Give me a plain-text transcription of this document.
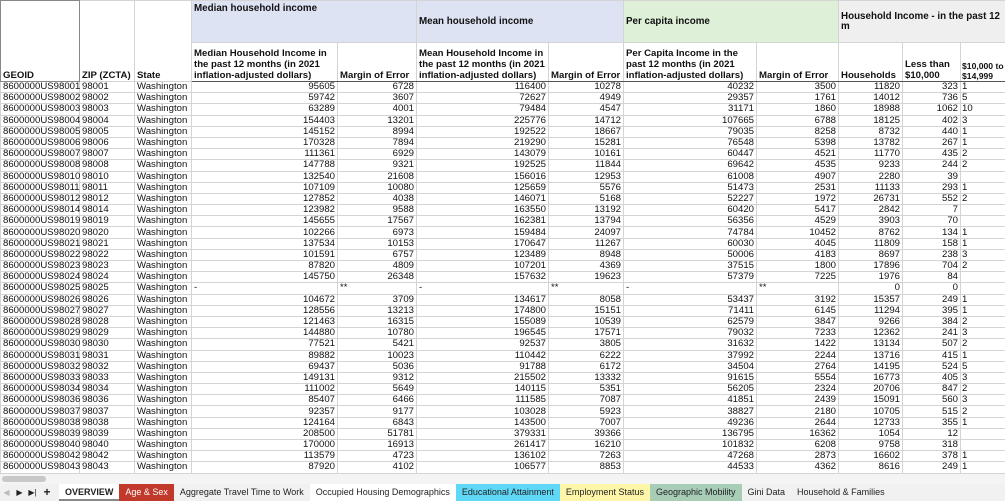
GEOID	ZIP (ZCTA)	State	Median household income		Mean household income		Per capita income		Household Income - in the past 12 m		
			Median Household Income in the past 12 months (in 2021 inflation-adjusted dollars)	Margin of Error	Mean Household Income in the past 12 months (in 2021 inflation-adjusted dollars)	Margin of Error	Per Capita Income in the past 12 months (in 2021 inflation-adjusted dollars)	Margin of Error	Households	Less than $10,000	$10,000 to $14,999
8600000US98001	98001	Washington	95605	6728	116400	10278	40232	3500	11820	323	1
8600000US98002	98002	Washington	59742	3607	72627	4949	29357	1761	14012	736	5
8600000US98003	98003	Washington	63289	4001	79484	4547	31171	1860	18988	1062	10
8600000US98004	98004	Washington	154403	13201	225776	14712	107665	6788	18125	402	3
8600000US98005	98005	Washington	145152	8994	192522	18667	79035	8258	8732	440	1
8600000US98006	98006	Washington	170328	7894	219290	15281	76548	5398	13782	267	1
8600000US98007	98007	Washington	111361	6929	143079	10161	60447	4521	11770	435	2
8600000US98008	98008	Washington	147788	9321	192525	11844	69642	4535	9233	244	2
8600000US98010	98010	Washington	132540	21608	156016	12953	61008	4907	2280	39	
8600000US98011	98011	Washington	107109	10080	125659	5576	51473	2531	11133	293	1
8600000US98012	98012	Washington	127852	4038	146071	5168	52227	1972	26731	552	2
8600000US98014	98014	Washington	123982	9588	163550	13192	60420	5417	2842	7	
8600000US98019	98019	Washington	145655	17567	162381	13794	56356	4529	3903	70	
8600000US98020	98020	Washington	102266	6973	159484	24097	74784	10452	8762	134	1
8600000US98021	98021	Washington	137534	10153	170647	11267	60030	4045	11809	158	1
8600000US98022	98022	Washington	101591	6757	123489	8948	50006	4183	8697	238	3
8600000US98023	98023	Washington	87820	4809	107201	4369	37515	1800	17896	704	2
8600000US98024	98024	Washington	145750	26348	157632	19623	57379	7225	1976	84	
8600000US98025	98025	Washington	-	**	-	**	-	**	0	0	
8600000US98026	98026	Washington	104672	3709	134617	8058	53437	3192	15357	249	1
8600000US98027	98027	Washington	128556	13213	174800	15151	71411	6145	11294	395	1
8600000US98028	98028	Washington	121463	16315	155089	10539	62579	3847	9266	384	2
8600000US98029	98029	Washington	144880	10780	196545	17571	79032	7233	12362	241	3
8600000US98030	98030	Washington	77521	5421	92537	3805	31632	1422	13134	507	2
8600000US98031	98031	Washington	89882	10023	110442	6222	37992	2244	13716	415	1
8600000US98032	98032	Washington	69437	5036	91788	6172	34504	2764	14195	524	5
8600000US98033	98033	Washington	149131	9312	215502	13332	91615	5554	16773	405	3
8600000US98034	98034	Washington	111002	5649	140115	5351	56205	2324	20706	847	2
8600000US98036	98036	Washington	85407	6466	111585	7087	41851	2439	15091	560	3
8600000US98037	98037	Washington	92357	9177	103028	5923	38827	2180	10705	515	2
8600000US98038	98038	Washington	124164	6843	143500	7007	49236	2644	12733	355	1
8600000US98039	98039	Washington	208500	51781	379331	39366	136795	16362	1054	12	
8600000US98040	98040	Washington	170000	16913	261417	16210	101832	6208	9758	318	
8600000US98042	98042	Washington	113579	4723	136102	7263	47268	2873	16602	378	1
8600000US98043	98043	Washington	87920	4102	106577	8853	44533	4362	8616	249	1
◀ ▶ ▶| +	OVERVIEW	Age & Sex	Aggregate Travel Time to Work	Occupied Housing Demographics	Educational Attainment	Employment Status	Geographic Mobility	Gini Data	Household & Families
